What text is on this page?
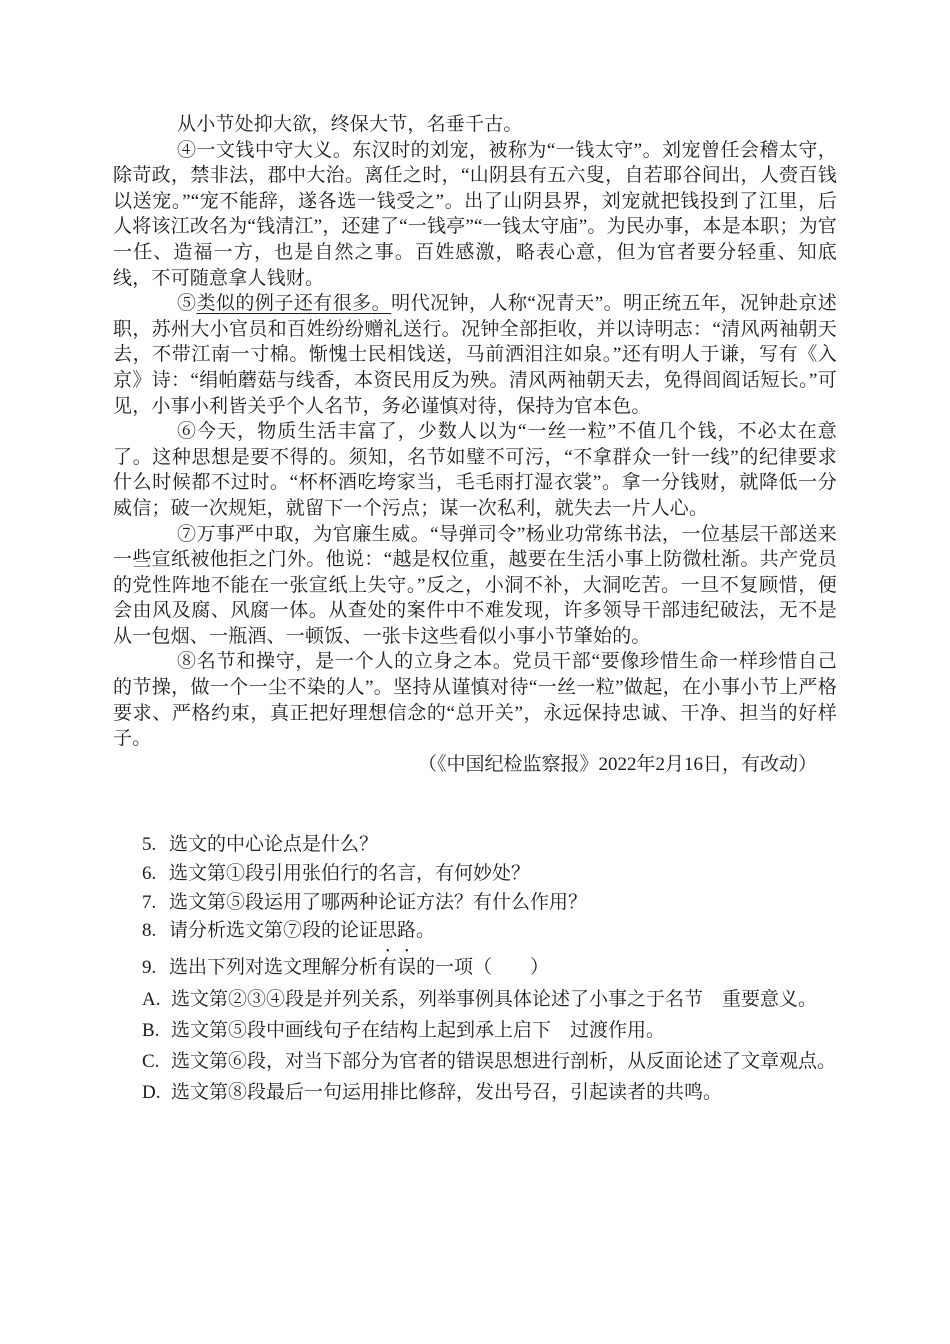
从小节处抑大欲，终保大节，名垂千古。

④一文钱中守大义。东汉时的刘宠，被称为“一钱太守”。刘宠曾任会稽太守，除苛政，禁非法，郡中大治。离任之时，“山阴县有五六叟，自若耶谷间出，人赍百钱以送宠。”“宠不能辞，遂各选一钱受之”。出了山阴县界，刘宠就把钱投到了江里，后人将该江改名为“钱清江”，还建了“一钱亭”“一钱太守庙”。为民办事，本是本职；为官一任、造福一方，也是自然之事。百姓感激，略表心意，但为官者要分轻重、知底线，不可随意拿人钱财。

⑤类似的例子还有很多。明代况钟，人称“况青天”。明正统五年，况钟赴京述职，苏州大小官员和百姓纷纷赠礼送行。况钟全部拒收，并以诗明志：“清风两袖朝天去，不带江南一寸棉。惭愧士民相饯送，马前洒泪注如泉。”还有明人于谦，写有《入京》诗：“绢帕蘑菇与线香，本资民用反为殃。清风两袖朝天去，免得闾阎话短长。”可见，小事小利皆关乎个人名节，务必谨慎对待，保持为官本色。

⑥今天，物质生活丰富了，少数人以为“一丝一粒”不值几个钱，不必太在意了。这种思想是要不得的。须知，名节如璧不可污，“不拿群众一针一线”的纪律要求什么时候都不过时。“杯杯酒吃垮家当，毛毛雨打湿衣裳”。拿一分钱财，就降低一分威信；破一次规矩，就留下一个污点；谋一次私利，就失去一片人心。

⑦万事严中取，为官廉生威。“导弹司令”杨业功常练书法，一位基层干部送来一些宣纸被他拒之门外。他说：“越是权位重，越要在生活小事上防微杜渐。共产党员的党性阵地不能在一张宣纸上失守。”反之，小洞不补，大洞吃苦。一旦不复顾惜，便会由风及腐、风腐一体。从查处的案件中不难发现，许多领导干部违纪破法，无不是从一包烟、一瓶酒、一顿饭、一张卡这些看似小事小节肇始的。

⑧名节和操守，是一个人的立身之本。党员干部“要像珍惜生命一样珍惜自己的节操，做一个一尘不染的人”。坚持从谨慎对待“一丝一粒”做起，在小事小节上严格要求、严格约束，真正把好理想信念的“总开关”，永远保持忠诚、干净、担当的好样子。

（《中国纪检监察报》2022年2月16日，有改动）

5. 选文的中心论点是什么？

6. 选文第①段引用张伯行的名言，有何妙处？

7. 选文第⑤段运用了哪两种论证方法？有什么作用？

8. 请分析选文第⑦段的论证思路。

9. 选出下列对选文理解分析有误的一项（　　）

A. 选文第②③④段是并列关系，列举事例具体论述了小事之于名节　重要意义。

B. 选文第⑤段中画线句子在结构上起到承上启下　过渡作用。

C. 选文第⑥段，对当下部分为官者的错误思想进行剖析，从反面论述了文章观点。

D. 选文第⑧段最后一句运用排比修辞，发出号召，引起读者的共鸣。
